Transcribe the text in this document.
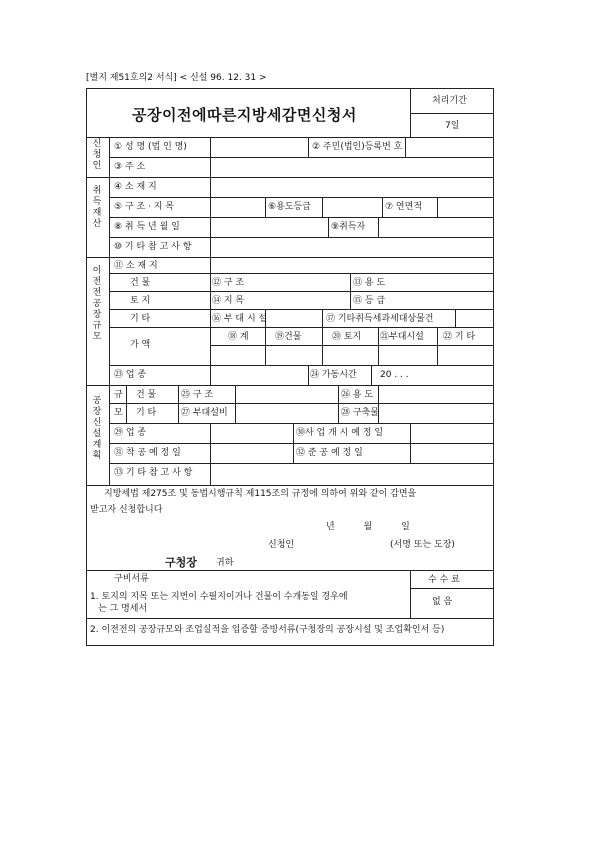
[별지 제51호의2 서식] < 신설 96. 12. 31 >
공장이전에따른지방세감면신청서
처리기간
7일
신
청
인
① 성 명 (법 인 명)	② 주민(법인)등록번 호
③ 주 소
취
득
재
산
④ 소 재 지
⑤ 구 조 · 지 목	⑥용도등급	⑦ 연면적
⑧ 취 득 년 월 일	⑨취득자
⑩ 기 타 참 고 사 항
이
전
전
공
장
규
모
⑪ 소 재 지
건 물	⑫ 구 조	⑬ 용 도
토 지	⑭ 지 목	⑮ 등 급
기 타	⑯ 부 대 시 설	⑰ 기타취득세과세대상물건
가 액
⑱ 계	⑲건물	⑳ 토지 ㉑부대시설 ㉒ 기 타
㉓ 업 종	㉔ 가동시간	20 . . .
공
장
신
설
계
획
규
모
건 물	㉕ 구 조	㉖ 용 도
기 타	㉗ 부대설비	㉘ 구축물
㉙ 업 종	㉚사 업 개 시 예 정 일
㉛ 착 공 예 정 일	㉜ 준 공 예 정 일
㉝ 기 타 참 고 사 항
지방세법 제275조 및 동법시행규칙 제115조의 규정에 의하여 위와 같이 감면을
받고자 신청합니다
년 월 일
신청인	(서명 또는 도장)
구청장 귀하
구비서류
1. 토지의 지목 또는 지번이 수필지이거나 건물이 수개동일 경우에
는 그 명세서
2. 이전전의 공장규모와 조업실적을 입증할 증빙서류(구청장의 공장시설 및 조업확인서 등)
수 수 료
없 음
